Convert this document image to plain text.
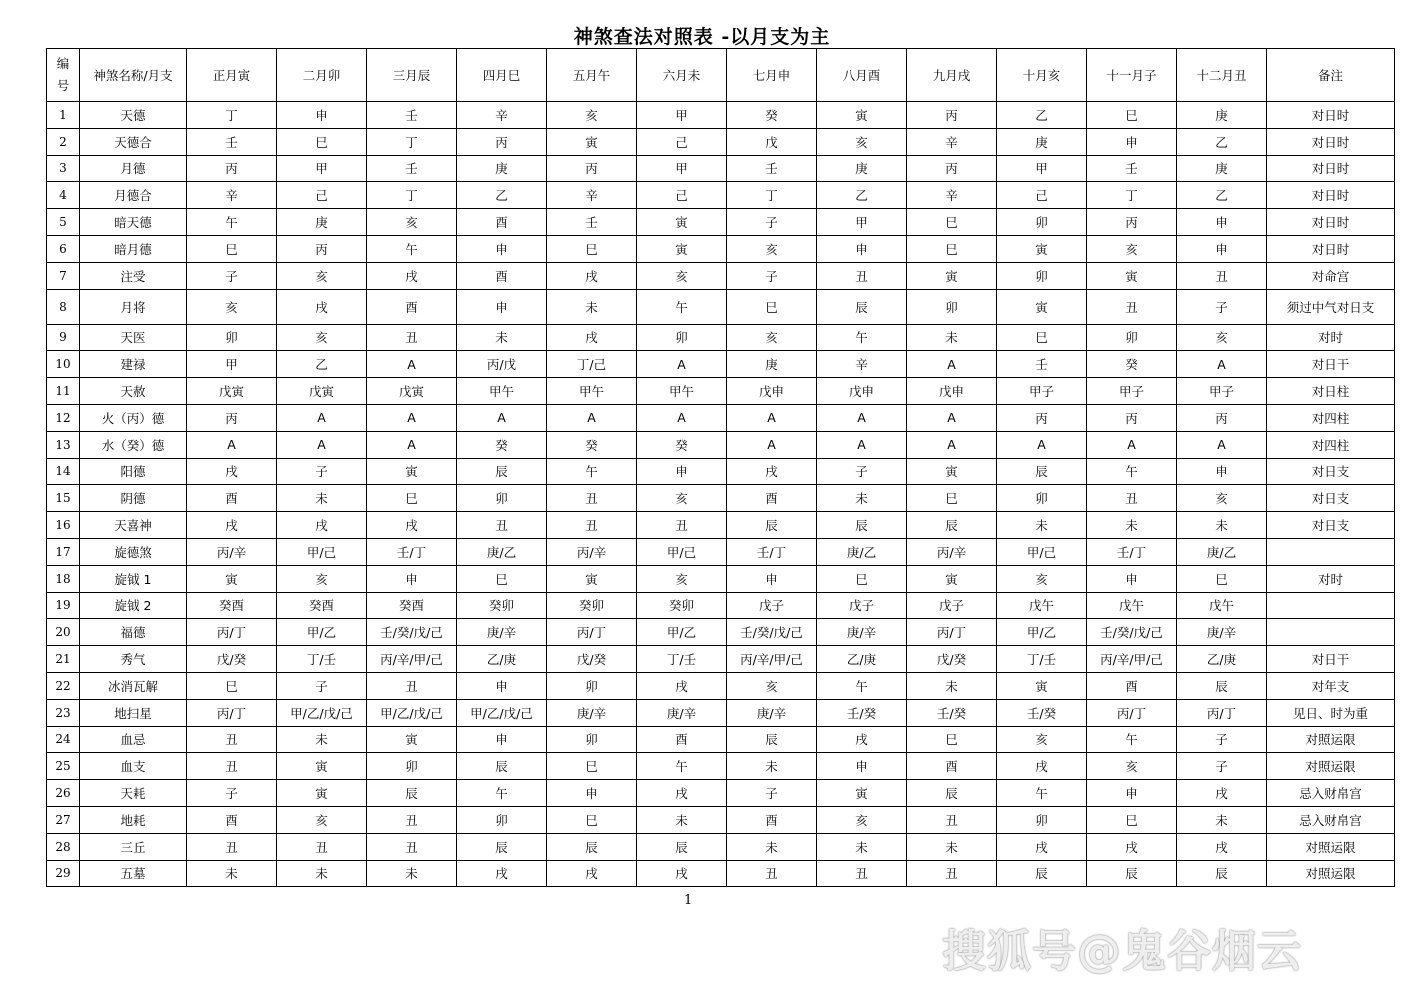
神煞查法对照表 -以月支为主
编号	神煞名称/月支	正月寅	二月卯	三月辰	四月巳	五月午	六月未	七月申	八月酉	九月戌	十月亥	十一月子	十二月丑	备注
1	天德	丁	申	壬	辛	亥	甲	癸	寅	丙	乙	巳	庚	对日时
2	天德合	壬	巳	丁	丙	寅	己	戊	亥	辛	庚	申	乙	对日时
3	月德	丙	甲	壬	庚	丙	甲	壬	庚	丙	甲	壬	庚	对日时
4	月德合	辛	己	丁	乙	辛	己	丁	乙	辛	己	丁	乙	对日时
5	暗天德	午	庚	亥	酉	壬	寅	子	甲	巳	卯	丙	申	对日时
6	暗月德	巳	丙	午	申	巳	寅	亥	申	巳	寅	亥	申	对日时
7	注受	子	亥	戌	酉	戌	亥	子	丑	寅	卯	寅	丑	对命宫
8	月将	亥	戌	酉	申	未	午	巳	辰	卯	寅	丑	子	须过中气对日支
9	天医	卯	亥	丑	未	戌	卯	亥	午	未	巳	卯	亥	对时
10	建禄	甲	乙	A	丙/戊	丁/己	A	庚	辛	A	壬	癸	A	对日干
11	天赦	戊寅	戊寅	戊寅	甲午	甲午	甲午	戊申	戊申	戊申	甲子	甲子	甲子	对日柱
12	火（丙）德	丙	A	A	A	A	A	A	A	A	丙	丙	丙	对四柱
13	水（癸）德	A	A	A	癸	癸	癸	A	A	A	A	A	A	对四柱
14	阳德	戌	子	寅	辰	午	申	戌	子	寅	辰	午	申	对日支
15	阴德	酉	未	巳	卯	丑	亥	酉	未	巳	卯	丑	亥	对日支
16	天喜神	戌	戌	戌	丑	丑	丑	辰	辰	辰	未	未	未	对日支
17	旋德煞	丙/辛	甲/己	壬/丁	庚/乙	丙/辛	甲/己	壬/丁	庚/乙	丙/辛	甲/己	壬/丁	庚/乙	
18	旋钺 1	寅	亥	申	巳	寅	亥	申	巳	寅	亥	申	巳	对时
19	旋钺 2	癸酉	癸酉	癸酉	癸卯	癸卯	癸卯	戊子	戊子	戊子	戊午	戊午	戊午	
20	福德	丙/丁	甲/乙	壬/癸/戊/己	庚/辛	丙/丁	甲/乙	壬/癸/戊/己	庚/辛	丙/丁	甲/乙	壬/癸/戊/己	庚/辛	
21	秀气	戊/癸	丁/壬	丙/辛/甲/己	乙/庚	戊/癸	丁/壬	丙/辛/甲/己	乙/庚	戊/癸	丁/壬	丙/辛/甲/己	乙/庚	对日干
22	冰消瓦解	巳	子	丑	申	卯	戌	亥	午	未	寅	酉	辰	对年支
23	地扫星	丙/丁	甲/乙/戊/己	甲/乙/戊/己	甲/乙/戊/己	庚/辛	庚/辛	庚/辛	壬/癸	壬/癸	壬/癸	丙/丁	丙/丁	见日、时为重
24	血忌	丑	未	寅	申	卯	酉	辰	戌	巳	亥	午	子	对照运限
25	血支	丑	寅	卯	辰	巳	午	未	申	酉	戌	亥	子	对照运限
26	天耗	子	寅	辰	午	申	戌	子	寅	辰	午	申	戌	忌入财帛宫
27	地耗	酉	亥	丑	卯	巳	未	酉	亥	丑	卯	巳	未	忌入财帛宫
28	三丘	丑	丑	丑	辰	辰	辰	未	未	未	戌	戌	戌	对照运限
29	五墓	未	未	未	戌	戌	戌	丑	丑	丑	辰	辰	辰	对照运限
1
搜狐号@鬼谷烟云
